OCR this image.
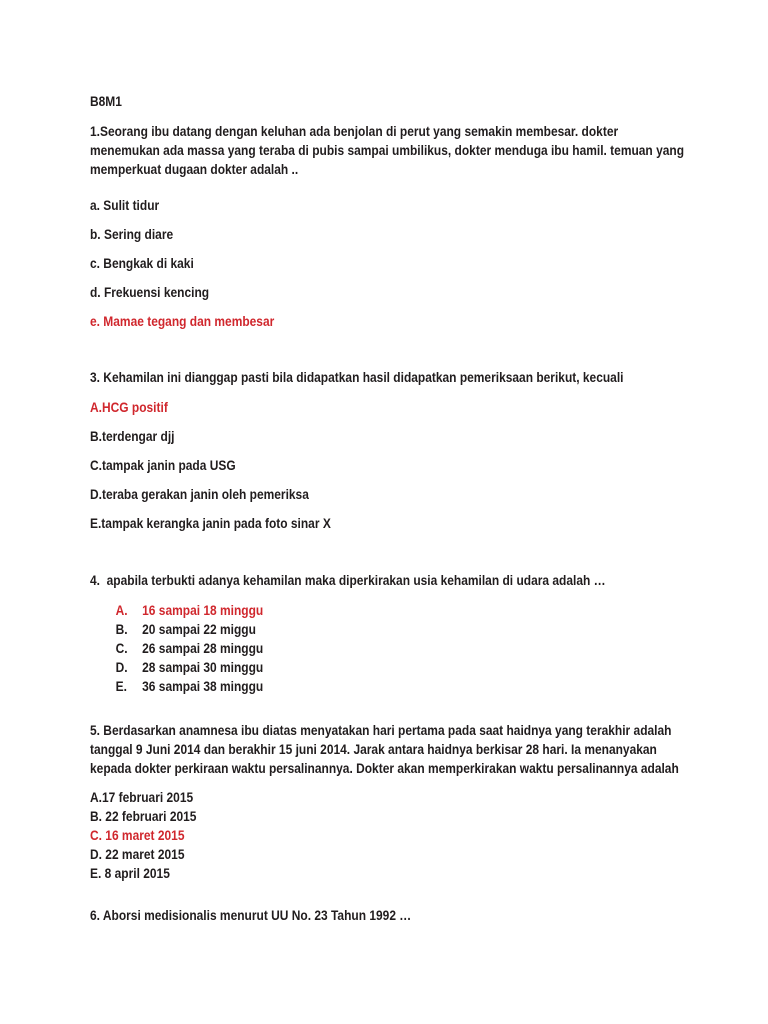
B8M1

1.Seorang ibu datang dengan keluhan ada benjolan di perut yang semakin membesar. dokter menemukan ada massa yang teraba di pubis sampai umbilikus, dokter menduga ibu hamil. temuan yang memperkuat dugaan dokter adalah ..

a. Sulit tidur

b. Sering diare

c. Bengkak di kaki

d. Frekuensi kencing

e. Mamae tegang dan membesar

3. Kehamilan ini dianggap pasti bila didapatkan hasil didapatkan pemeriksaan berikut, kecuali

A.HCG positif

B.terdengar djj

C.tampak janin pada USG

D.teraba gerakan janin oleh pemeriksa

E.tampak kerangka janin pada foto sinar X

4.  apabila terbukti adanya kehamilan maka diperkirakan usia kehamilan di udara adalah …

A.	16 sampai 18 minggu

B.	20 sampai 22 miggu

C.	26 sampai 28 minggu

D.	28 sampai 30 minggu

E.	36 sampai 38 minggu

5. Berdasarkan anamnesa ibu diatas menyatakan hari pertama pada saat haidnya yang terakhir adalah tanggal 9 Juni 2014 dan berakhir 15 juni 2014. Jarak antara haidnya berkisar 28 hari. Ia menanyakan kepada dokter perkiraan waktu persalinannya. Dokter akan memperkirakan waktu persalinannya adalah

A.17 februari 2015

B. 22 februari 2015

C. 16 maret 2015

D. 22 maret 2015

E. 8 april 2015

6. Aborsi medisionalis menurut UU No. 23 Tahun 1992 …
